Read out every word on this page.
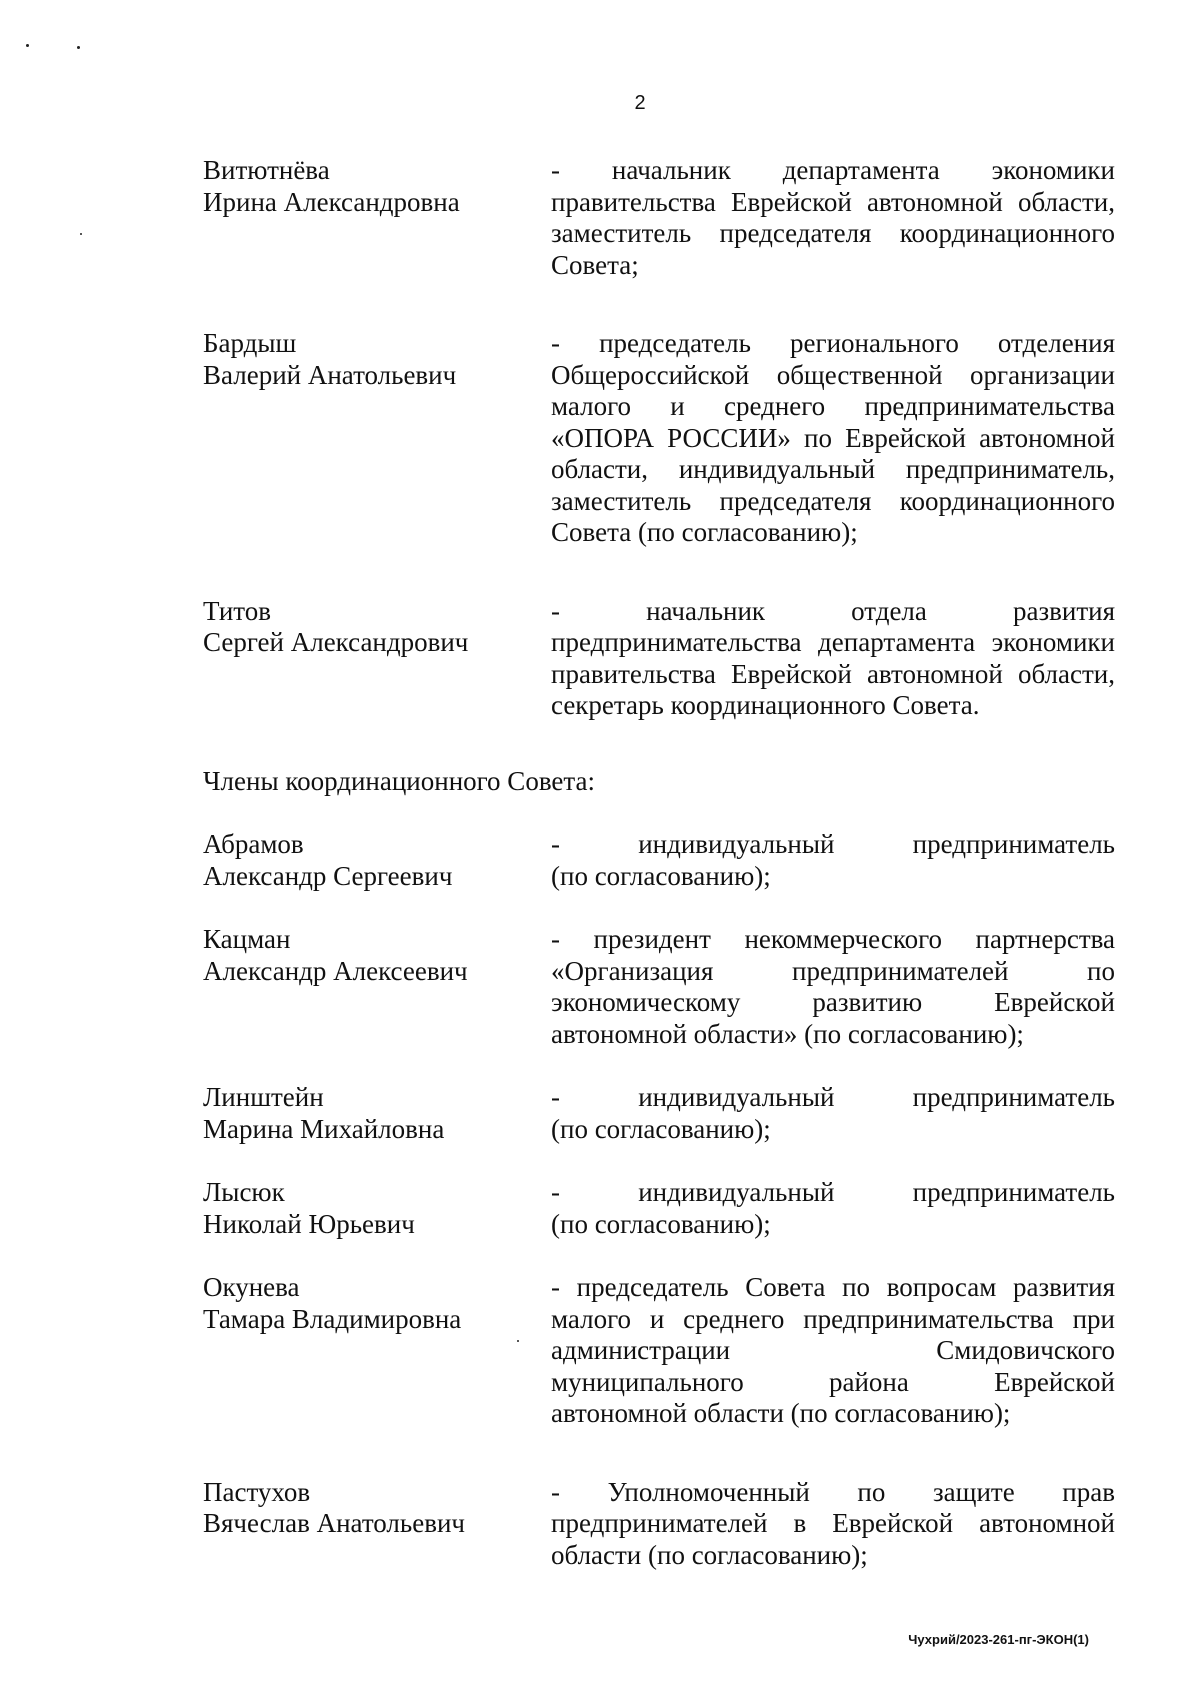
2
Витютнёва
Ирина Александровна
- начальник департамента экономики
правительства Еврейской автономной области,
заместитель председателя координационного
Совета;
Бардыш
Валерий Анатольевич
- председатель регионального отделения
Общероссийской общественной организации
малого и среднего предпринимательства
«ОПОРА РОССИИ» по Еврейской автономной
области, индивидуальный предприниматель,
заместитель председателя координационного
Совета (по согласованию);
Титов
Сергей Александрович
- начальник отдела развития
предпринимательства департамента экономики
правительства Еврейской автономной области,
секретарь координационного Совета.

Члены координационного Совета:

Абрамов
Александр Сергеевич
- индивидуальный предприниматель
(по согласованию);
Кацман
Александр Алексеевич
- президент некоммерческого партнерства
«Организация предпринимателей по
экономическому развитию Еврейской
автономной области» (по согласованию);
Линштейн
Марина Михайловна
- индивидуальный предприниматель
(по согласованию);
Лысюк
Николай Юрьевич
- индивидуальный предприниматель
(по согласованию);
Окунева
Тамара Владимировна
- председатель Совета по вопросам развития
малого и среднего предпринимательства при
администрации Смидовичского
муниципального района Еврейской
автономной области (по согласованию);
Пастухов
Вячеслав Анатольевич
- Уполномоченный по защите прав
предпринимателей в Еврейской автономной
области (по согласованию);
Чухрий/2023-261-пг-ЭКОН(1)
